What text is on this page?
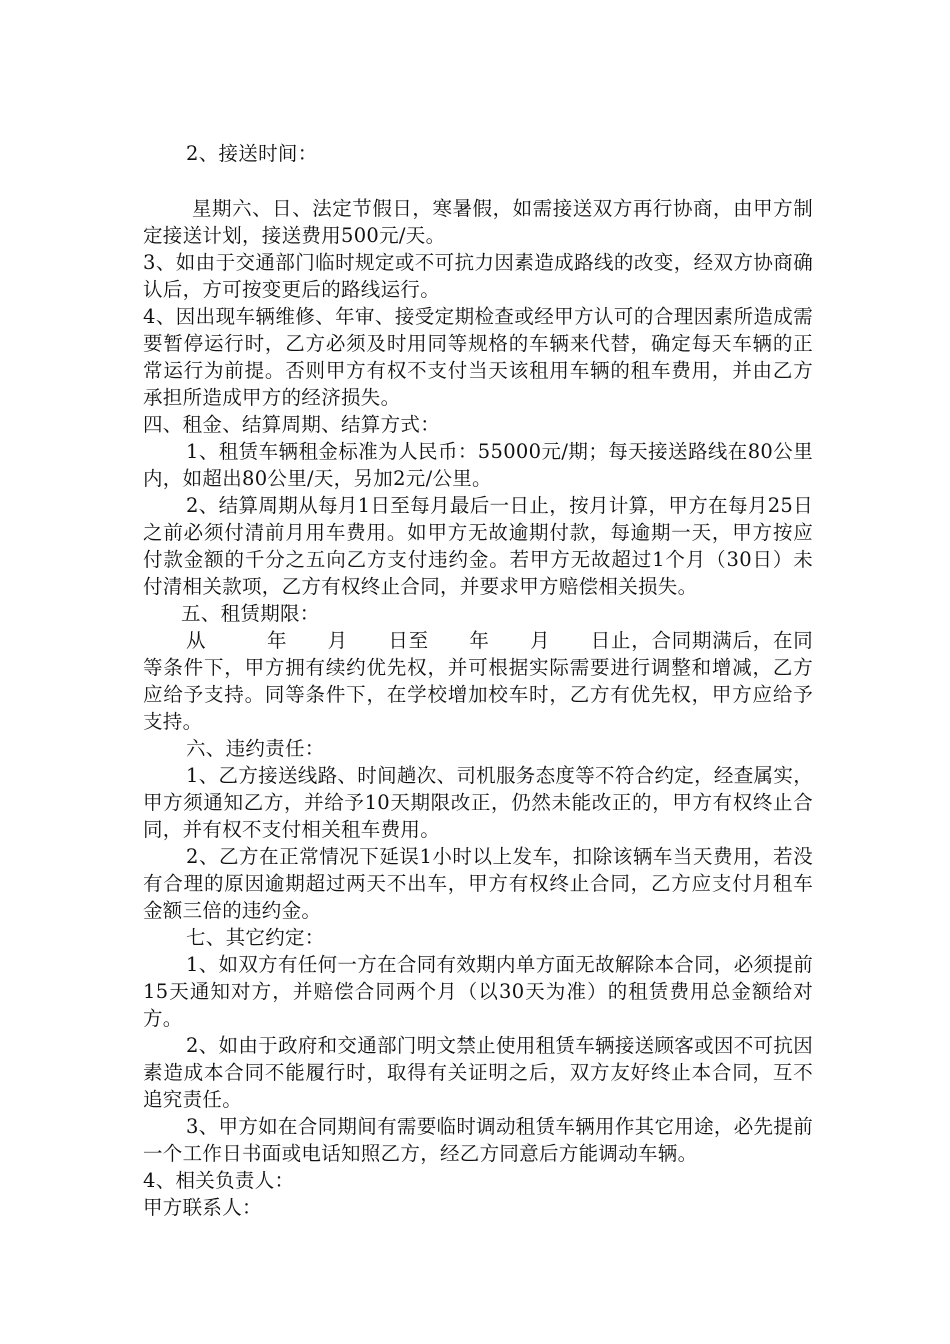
2、接送时间：

星期六、日、法定节假日，寒暑假，如需接送双方再行协商，由甲方制定接送计划，接送费用500元/天。

3、如由于交通部门临时规定或不可抗力因素造成路线的改变，经双方协商确认后，方可按变更后的路线运行。

4、因出现车辆维修、年审、接受定期检查或经甲方认可的合理因素所造成需要暂停运行时，乙方必须及时用同等规格的车辆来代替，确定每天车辆的正常运行为前提。否则甲方有权不支付当天该租用车辆的租车费用，并由乙方承担所造成甲方的经济损失。

四、租金、结算周期、结算方式：

1、租赁车辆租金标准为人民币：55000元/期；每天接送路线在80公里内，如超出80公里/天，另加2元/公里。

2、结算周期从每月1日至每月最后一日止，按月计算，甲方在每月25日之前必须付清前月用车费用。如甲方无故逾期付款，每逾期一天，甲方按应付款金额的千分之五向乙方支付违约金。若甲方无故超过1个月（30日）未付清相关款项，乙方有权终止合同，并要求甲方赔偿相关损失。

五、租赁期限：

从　　　年　　月　　日至　　年　　月　　日止，合同期满后，在同等条件下，甲方拥有续约优先权，并可根据实际需要进行调整和增减，乙方应给予支持。同等条件下，在学校增加校车时，乙方有优先权，甲方应给予支持。

六、违约责任：

1、乙方接送线路、时间趟次、司机服务态度等不符合约定，经查属实，甲方须通知乙方，并给予10天期限改正，仍然未能改正的，甲方有权终止合同，并有权不支付相关租车费用。

2、乙方在正常情况下延误1小时以上发车，扣除该辆车当天费用，若没有合理的原因逾期超过两天不出车，甲方有权终止合同，乙方应支付月租车金额三倍的违约金。

七、其它约定：

1、如双方有任何一方在合同有效期内单方面无故解除本合同，必须提前15天通知对方，并赔偿合同两个月（以30天为准）的租赁费用总金额给对方。

2、如由于政府和交通部门明文禁止使用租赁车辆接送顾客或因不可抗因素造成本合同不能履行时，取得有关证明之后，双方友好终止本合同，互不追究责任。

3、甲方如在合同期间有需要临时调动租赁车辆用作其它用途，必先提前一个工作日书面或电话知照乙方，经乙方同意后方能调动车辆。

4、相关负责人：

甲方联系人：
